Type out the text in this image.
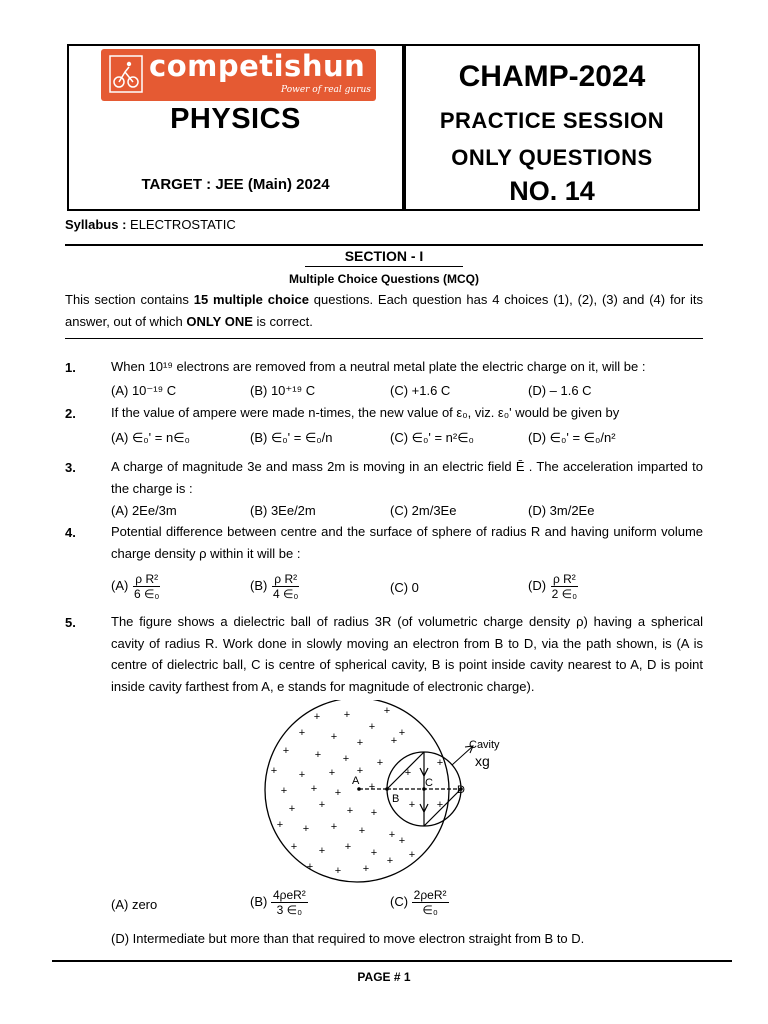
competishun
Power of real gurus
PHYSICS
TARGET : JEE (Main) 2024
CHAMP-2024
PRACTICE SESSION
ONLY QUESTIONS
NO. 14
Syllabus : ELECTROSTATIC
SECTION - I
Multiple Choice Questions (MCQ)
This section contains 15 multiple choice questions. Each question has 4 choices (1), (2), (3) and (4) for its answer, out of which ONLY ONE is correct.
1.	When 10¹⁹ electrons are removed from a neutral metal plate the electric charge on it, will be :
(A) 10⁻¹⁹ C	(B) 10⁺¹⁹ C	(C) +1.6 C	(D) – 1.6 C
2.	If the value of ampere were made n-times, the new value of ε₀, viz. ε₀' would be given by
(A) ∈₀' = n∈₀	(B) ∈₀' = ∈₀/n	(C) ∈₀' = n²∈₀	(D) ∈₀' = ∈₀/n²
3.	A charge of magnitude 3e and mass 2m is moving in an electric field Ē . The acceleration imparted to the charge is :
(A) 2Ee/3m	(B) 3Ee/2m	(C) 2m/3Ee	(D) 3m/2Ee
4.	Potential difference between centre and the surface of sphere of radius R and having uniform volume charge density ρ within it will be :
$(A) \frac{\text{ρ R²}}{\text{6 ∈₀}}$	$(B) \frac{\text{ρ R²}}{\text{4 ∈₀}}$	(C) 0	$(D) \frac{\text{ρ R²}}{\text{2 ∈₀}}$
5.	The figure shows a dielectric ball of radius 3R (of volumetric charge density ρ) having a spherical cavity of radius R. Work done in slowly moving an electron from B to D, via the path shown, is (A is centre of dielectric ball, C is centre of spherical cavity, B is point inside cavity nearest to A, D is point inside cavity farthest from A, e stands for magnitude of electronic charge).
+ +
+
+
+ + +	+
+ + +	+
+
+ + + +
+ + +	+
+ + + +
+ + + + +
+ + + +
+
+ + +
+ +
+
+
+ +
Cavity
xg
A
B
C
D
(A) zero	$(B) \frac{\text{4ρeR²}}{\text{3 ∈₀}}$	$(C) \frac{\text{2ρeR²}}{\text{∈₀}}$
(D) Intermediate but more than that required to move electron straight from B to D.
PAGE # 1
